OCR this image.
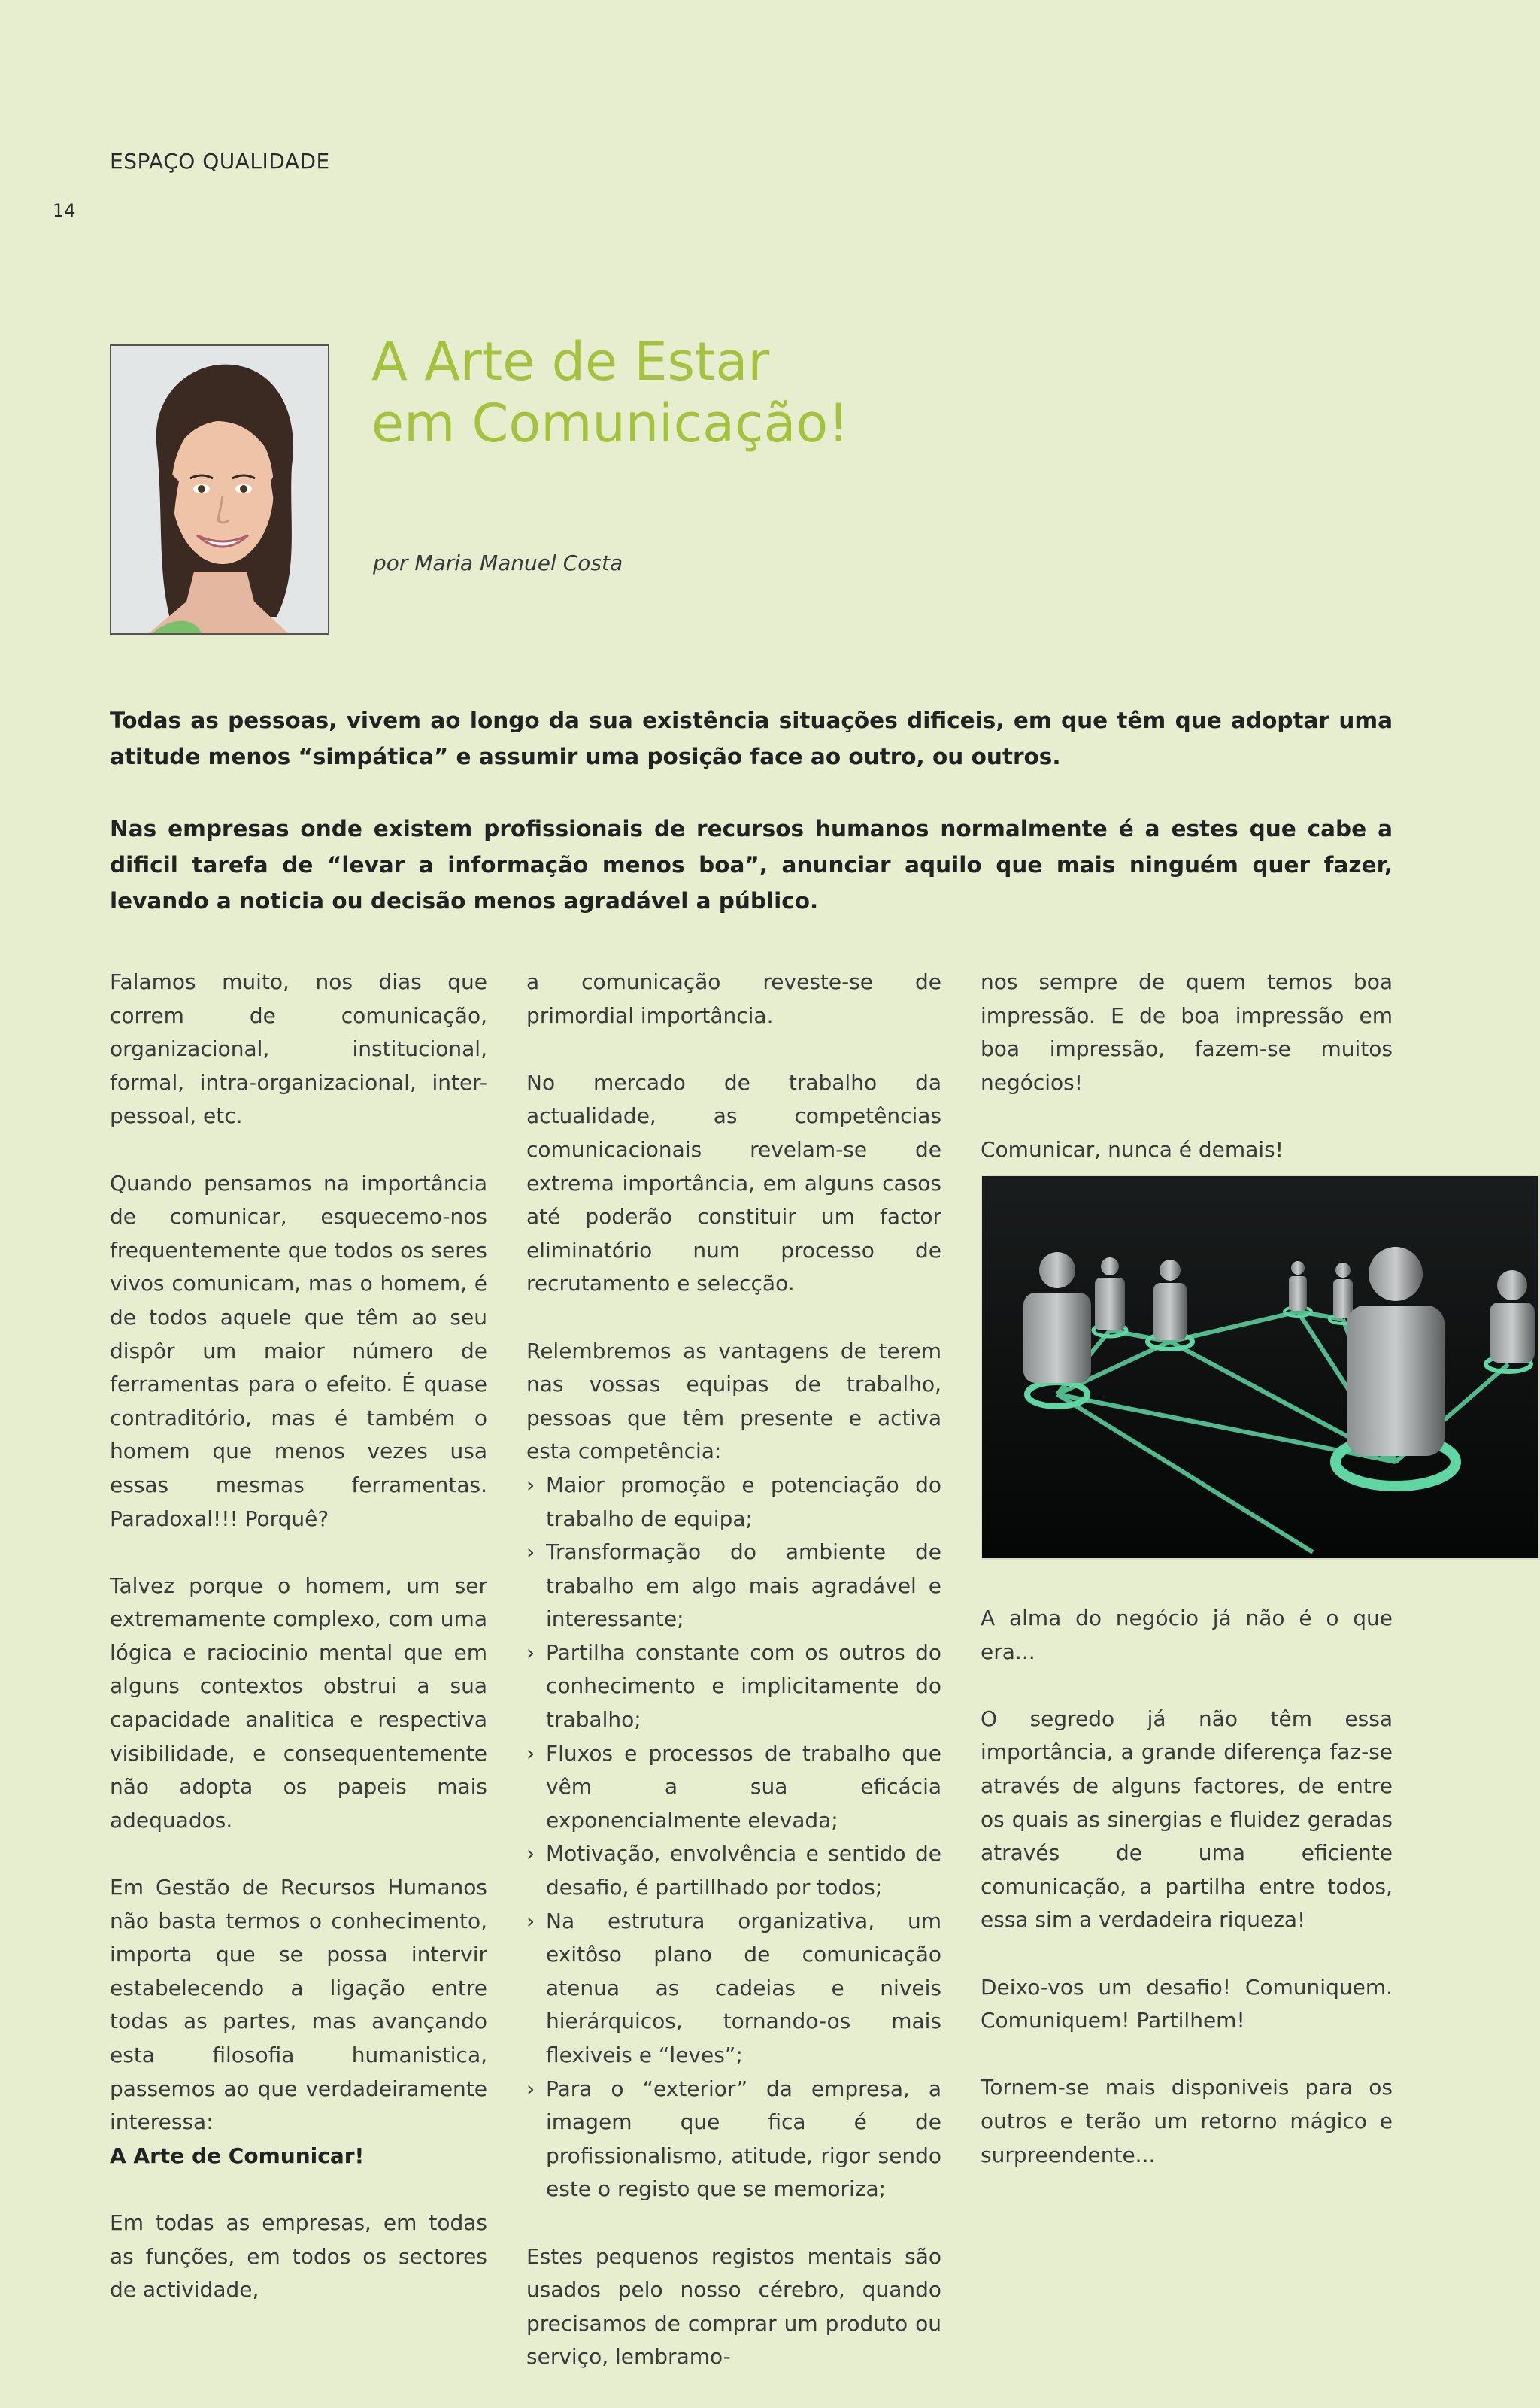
ESPAÇO QUALIDADE
14
A Arte de Estar
em Comunicação!
por Maria Manuel Costa

Todas as pessoas, vivem ao longo da sua existência situações dificeis, em que têm que adoptar uma atitude menos “simpática” e assumir uma posição face ao outro, ou outros.

Nas empresas onde existem profissionais de recursos humanos normalmente é a estes que cabe a dificil tarefa de “levar a informação menos boa”, anunciar aquilo que mais ninguém quer fazer, levando a noticia ou decisão menos agradável a público.

Falamos muito, nos dias que correm de comunicação, organizacional, institucional, formal, intra-organizacional, inter-pessoal, etc.

Quando pensamos na importância de comunicar, esquecemo-nos frequentemente que todos os seres vivos comunicam, mas o homem, é de todos aquele que têm ao seu dispôr um maior número de ferramentas para o efeito. É quase contraditório, mas é também o homem que menos vezes usa essas mesmas ferramentas. Paradoxal!!! Porquê?

Talvez porque o homem, um ser extremamente complexo, com uma lógica e raciocinio mental que em alguns contextos obstrui a sua capacidade analitica e respectiva visibilidade, e consequentemente não adopta os papeis mais adequados.

Em Gestão de Recursos Humanos não basta termos o conhecimento, importa que se possa intervir estabelecendo a ligação entre todas as partes, mas avançando esta filosofia humanistica, passemos ao que verdadeiramente interessa:

A Arte de Comunicar!

Em todas as empresas, em todas as funções, em todos os sectores de actividade,

a comunicação reveste-se de primordial importância.

No mercado de trabalho da actualidade, as competências comunicacionais revelam-se de extrema importância, em alguns casos até poderão constituir um factor eliminatório num processo de recrutamento e selecção.

Relembremos as vantagens de terem nas vossas equipas de trabalho, pessoas que têm presente e activa esta competência:

› Maior promoção e potenciação do trabalho de equipa;
› Transformação do ambiente de trabalho em algo mais agradável e interessante;
› Partilha constante com os outros do conhecimento e implicitamente do trabalho;
› Fluxos e processos de trabalho que vêm a sua eficácia exponencialmente elevada;
› Motivação, envolvência e sentido de desafio, é partillhado por todos;
› Na estrutura organizativa, um exitôso plano de comunicação atenua as cadeias e niveis hierárquicos, tornando-os mais flexiveis e “leves”;
› Para o “exterior” da empresa, a imagem que fica é de profissionalismo, atitude, rigor sendo este o registo que se memoriza;

Estes pequenos registos mentais são usados pelo nosso cérebro, quando precisamos de comprar um produto ou serviço, lembramo-

nos sempre de quem temos boa impressão. E de boa impressão em boa impressão, fazem-se muitos negócios!

Comunicar, nunca é demais!

A alma do negócio já não é o que era...

O segredo já não têm essa importância, a grande diferença faz-se através de alguns factores, de entre os quais as sinergias e fluidez geradas através de uma eficiente comunicação, a partilha entre todos, essa sim a verdadeira riqueza!

Deixo-vos um desafio! Comuniquem. Comuniquem! Partilhem!

Tornem-se mais disponiveis para os outros e terão um retorno mágico e surpreendente...
